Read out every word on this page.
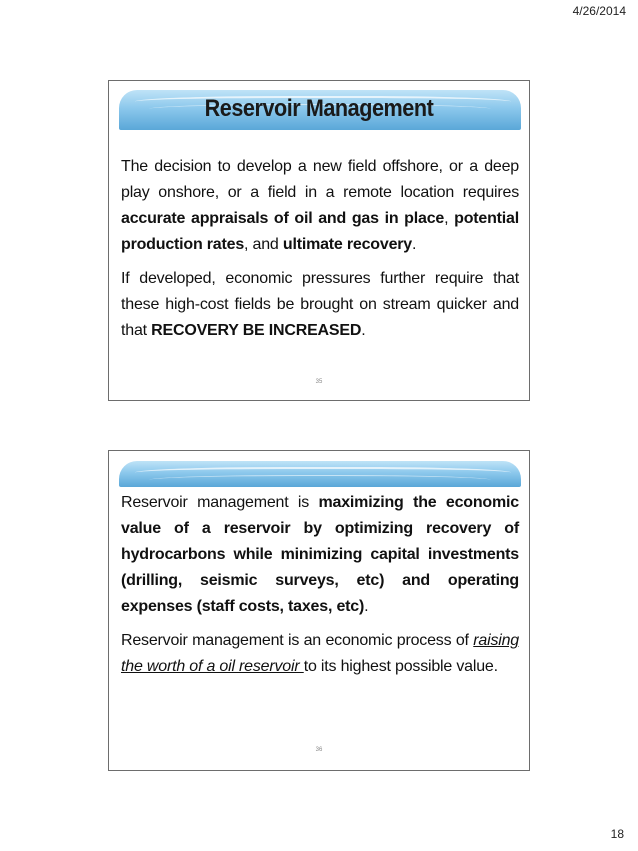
4/26/2014
Reservoir Management

The decision to develop a new field offshore, or a deep play onshore, or a field in a remote location requires accurate appraisals of oil and gas in place, potential production rates, and ultimate recovery.

If developed, economic pressures further require that these high-cost fields be brought on stream quicker and that RECOVERY BE INCREASED.

35

Reservoir management is maximizing the economic value of a reservoir by optimizing recovery of hydrocarbons while minimizing capital investments (drilling, seismic surveys, etc) and operating expenses (staff costs, taxes, etc).

Reservoir management is an economic process of raising the worth of a oil reservoir to its highest possible value.

36
18
